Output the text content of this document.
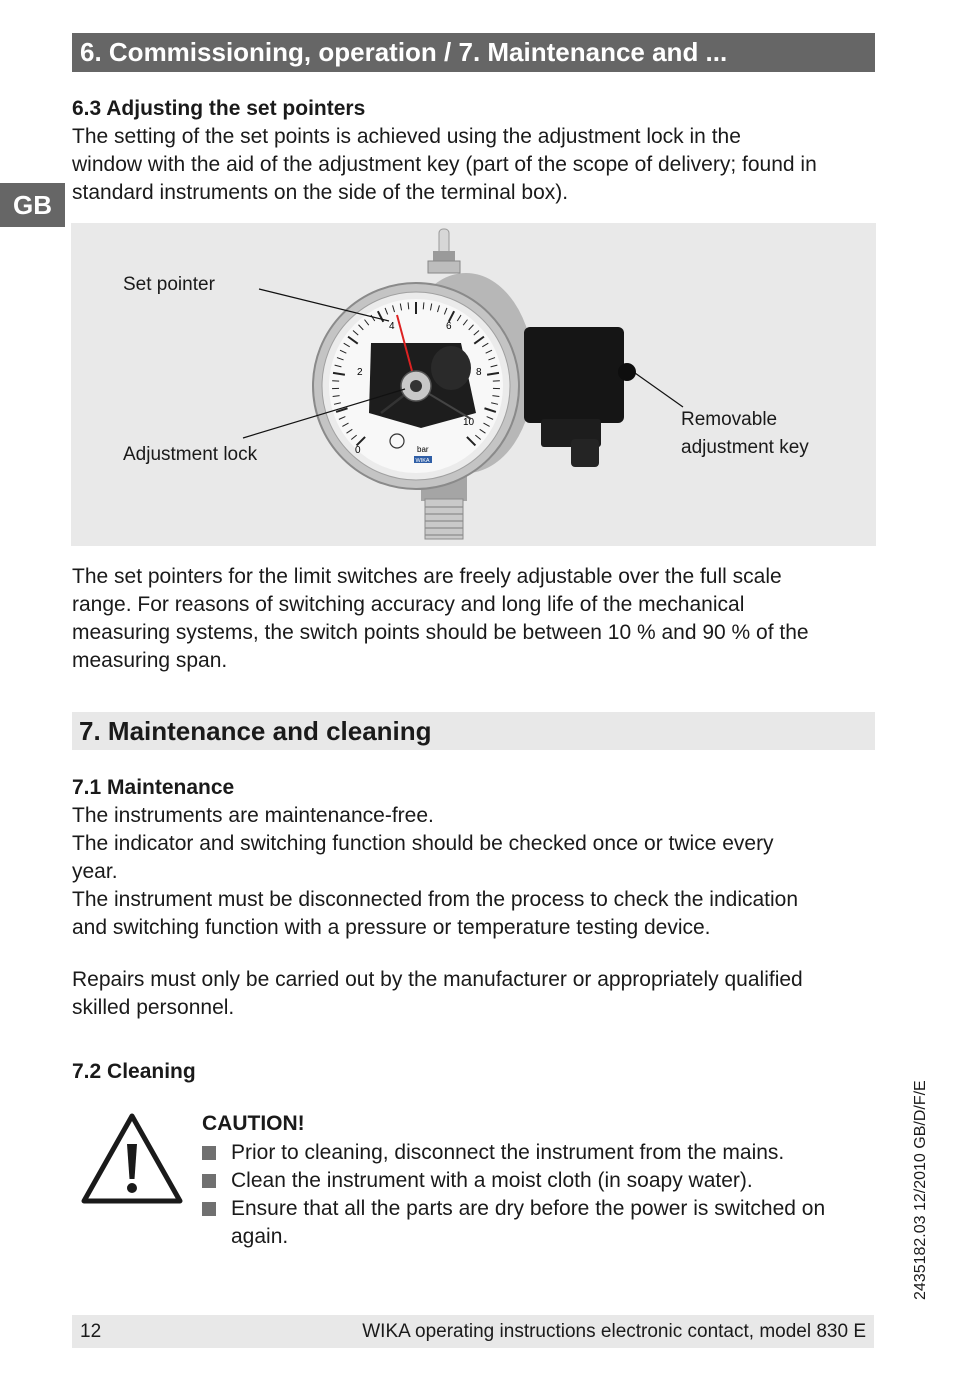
6. Commissioning, operation / 7. Maintenance and ...
GB
6.3 Adjusting the set pointers
The setting of the set points is achieved using the adjustment lock in the
window with the aid of the adjustment key (part of the scope of delivery; found in
standard instruments on the side of the terminal box).
0
2
4	6
8
10
bar
WIKA
Set pointer
Adjustment lock
Removable
adjustment key
The set pointers for the limit switches are freely adjustable over the full scale
range. For reasons of switching accuracy and long life of the mechanical
measuring systems, the switch points should be between 10 % and 90 % of the
measuring span.
7. Maintenance and cleaning
7.1 Maintenance
The instruments are maintenance-free.
The indicator and switching function should be checked once or twice every
year.
The instrument must be disconnected from the process to check the indication
and switching function with a pressure or temperature testing device.
Repairs must only be carried out by the manufacturer or appropriately qualified
skilled personnel.
7.2 Cleaning
CAUTION!
Prior to cleaning, disconnect the instrument from the mains.
Clean the instrument with a moist cloth (in soapy water).
Ensure that all the parts are dry before the power is switched on again.	2435182.03 12/2010 GB/D/F/E
12	WIKA operating instructions electronic contact, model 830 E
